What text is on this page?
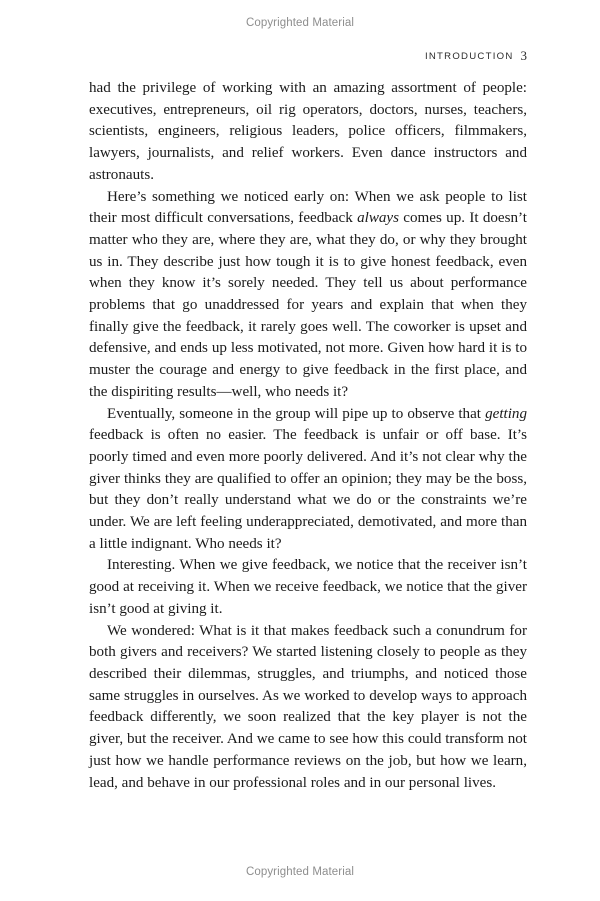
Copyrighted Material
INTRODUCTION 3

had the privilege of working with an amazing assortment of people: executives, entrepreneurs, oil rig operators, doctors, nurses, teachers, scientists, engineers, religious leaders, police officers, filmmakers, lawyers, journalists, and relief workers. Even dance instructors and astronauts.

Here’s something we noticed early on: When we ask people to list their most difficult conversations, feedback always comes up. It doesn’t matter who they are, where they are, what they do, or why they brought us in. They describe just how tough it is to give honest feedback, even when they know it’s sorely needed. They tell us about performance problems that go unaddressed for years and explain that when they finally give the feedback, it rarely goes well. The coworker is upset and defensive, and ends up less motivated, not more. Given how hard it is to muster the courage and energy to give feedback in the first place, and the dispiriting results—well, who needs it?

Eventually, someone in the group will pipe up to observe that getting feedback is often no easier. The feedback is unfair or off base. It’s poorly timed and even more poorly delivered. And it’s not clear why the giver thinks they are qualified to offer an opinion; they may be the boss, but they don’t really understand what we do or the constraints we’re under. We are left feeling underappreciated, demotivated, and more than a little indignant. Who needs it?

Interesting. When we give feedback, we notice that the receiver isn’t good at receiving it. When we receive feedback, we notice that the giver isn’t good at giving it.

We wondered: What is it that makes feedback such a conundrum for both givers and receivers? We started listening closely to people as they described their dilemmas, struggles, and triumphs, and noticed those same struggles in ourselves. As we worked to develop ways to approach feedback differently, we soon realized that the key player is not the giver, but the receiver. And we came to see how this could transform not just how we handle performance reviews on the job, but how we learn, lead, and behave in our professional roles and in our personal lives.

Copyrighted Material
